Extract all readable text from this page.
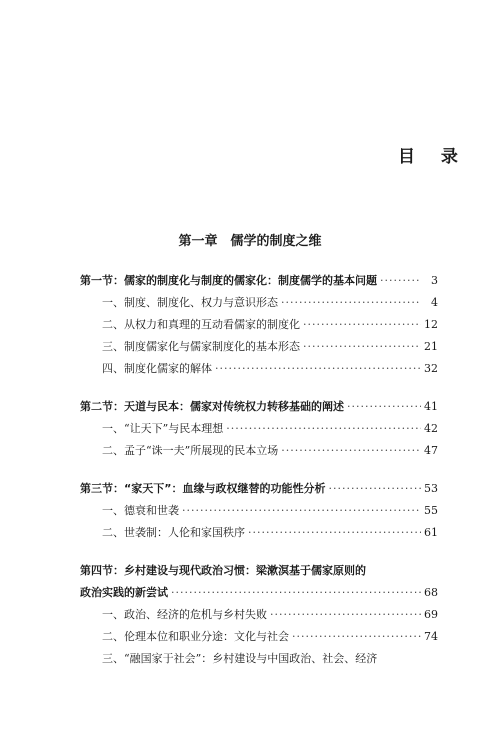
目 录
第一章　儒学的制度之维
第一节：儒家的制度化与制度的儒家化：制度儒学的基本问题 ·····	3
一、制度、制度化、权力与意识形态 ·····	4
二、从权力和真理的互动看儒家的制度化 ·····	12
三、制度儒家化与儒家制度化的基本形态 ·····	21
四、制度化儒家的解体 ·····	32
第二节：天道与民本：儒家对传统权力转移基础的阐述 ·····	41
一、“让天下”与民本理想 ·····	42
二、孟子“诛一夫”所展现的民本立场 ·····	47
第三节：“家天下”：血缘与政权继替的功能性分析 ·····	53
一、德衰和世袭 ·····	55
二、世袭制：人伦和家国秩序 ·····	61
第四节：乡村建设与现代政治习惯：梁漱溟基于儒家原则的
政治实践的新尝试 ·····	68
一、政治、经济的危机与乡村失败 ·····	69
二、伦理本位和职业分途：文化与社会 ·····	74
三、“融国家于社会”：乡村建设与中国政治、社会、经济
